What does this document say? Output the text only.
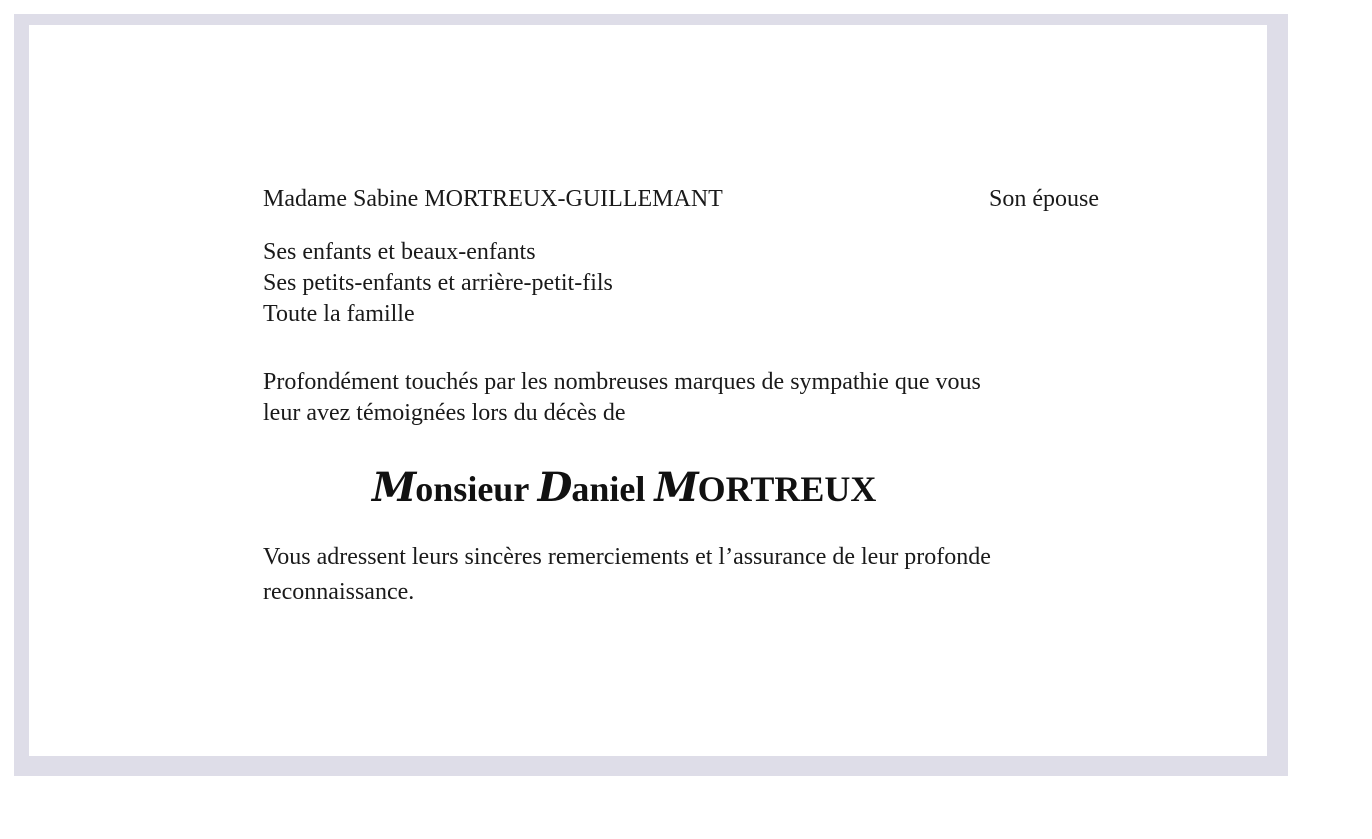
Madame Sabine MORTREUX-GUILLEMANT	Son épouse
Ses enfants et beaux-enfants
Ses petits-enfants et arrière-petit-fils
Toute la famille
Profondément touchés par les nombreuses marques de sympathie que vous
leur avez témoignées lors du décès de
Monsieur Daniel MORTREUX
Vous adressent leurs sincères remerciements et l’assurance de leur profonde
reconnaissance.
